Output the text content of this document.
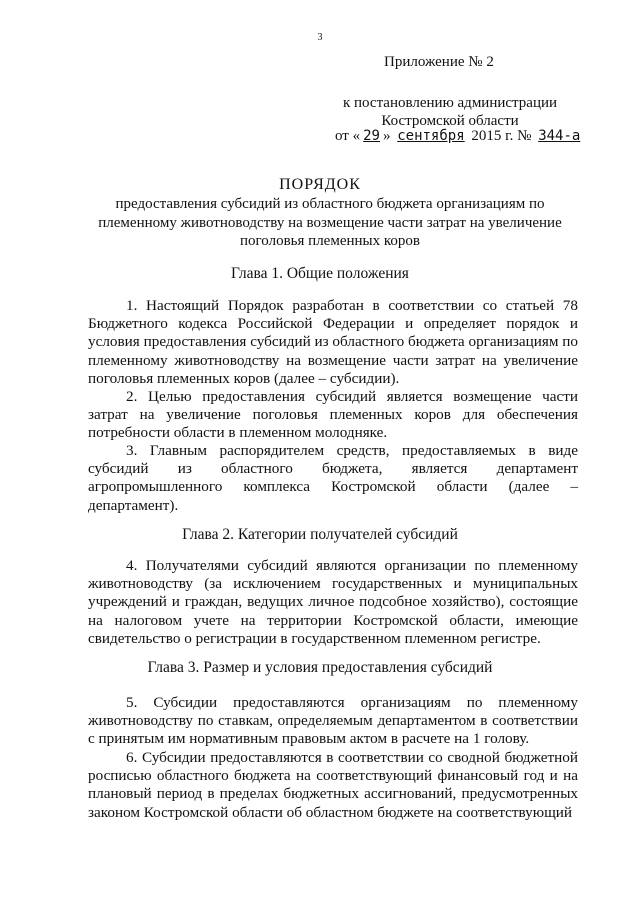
3
Приложение № 2
к постановлению администрации
Костромской области
от « 29 » сентября 2015 г. № 344-а
ПОРЯДОК
предоставления субсидий из областного бюджета организациям по племенному животноводству на возмещение части затрат на увеличение поголовья племенных коров
Глава 1. Общие положения
1. Настоящий Порядок разработан в соответствии со статьей 78 Бюджетного кодекса Российской Федерации и определяет порядок и условия предоставления субсидий из областного бюджета организациям по племенному животноводству на возмещение части затрат на увеличение поголовья племенных коров (далее – субсидии).
2. Целью предоставления субсидий является возмещение части затрат на увеличение поголовья племенных коров для обеспечения потребности области в племенном молодняке.
3. Главным распорядителем средств, предоставляемых в виде субсидий из областного бюджета, является департамент агропромышленного комплекса Костромской области (далее – департамент).
Глава 2. Категории получателей субсидий
4. Получателями субсидий являются организации по племенному животноводству (за исключением государственных и муниципальных учреждений и граждан, ведущих личное подсобное хозяйство), состоящие на налоговом учете на территории Костромской области, имеющие свидетельство о регистрации в государственном племенном регистре.
Глава 3. Размер и условия предоставления субсидий
5. Субсидии предоставляются организациям по племенному животноводству по ставкам, определяемым департаментом в соответствии с принятым им нормативным правовым актом в расчете на 1 голову.
6. Субсидии предоставляются в соответствии со сводной бюджетной росписью областного бюджета на соответствующий финансовый год и на плановый период в пределах бюджетных ассигнований, предусмотренных законом Костромской области об областном бюджете на соответствующий
